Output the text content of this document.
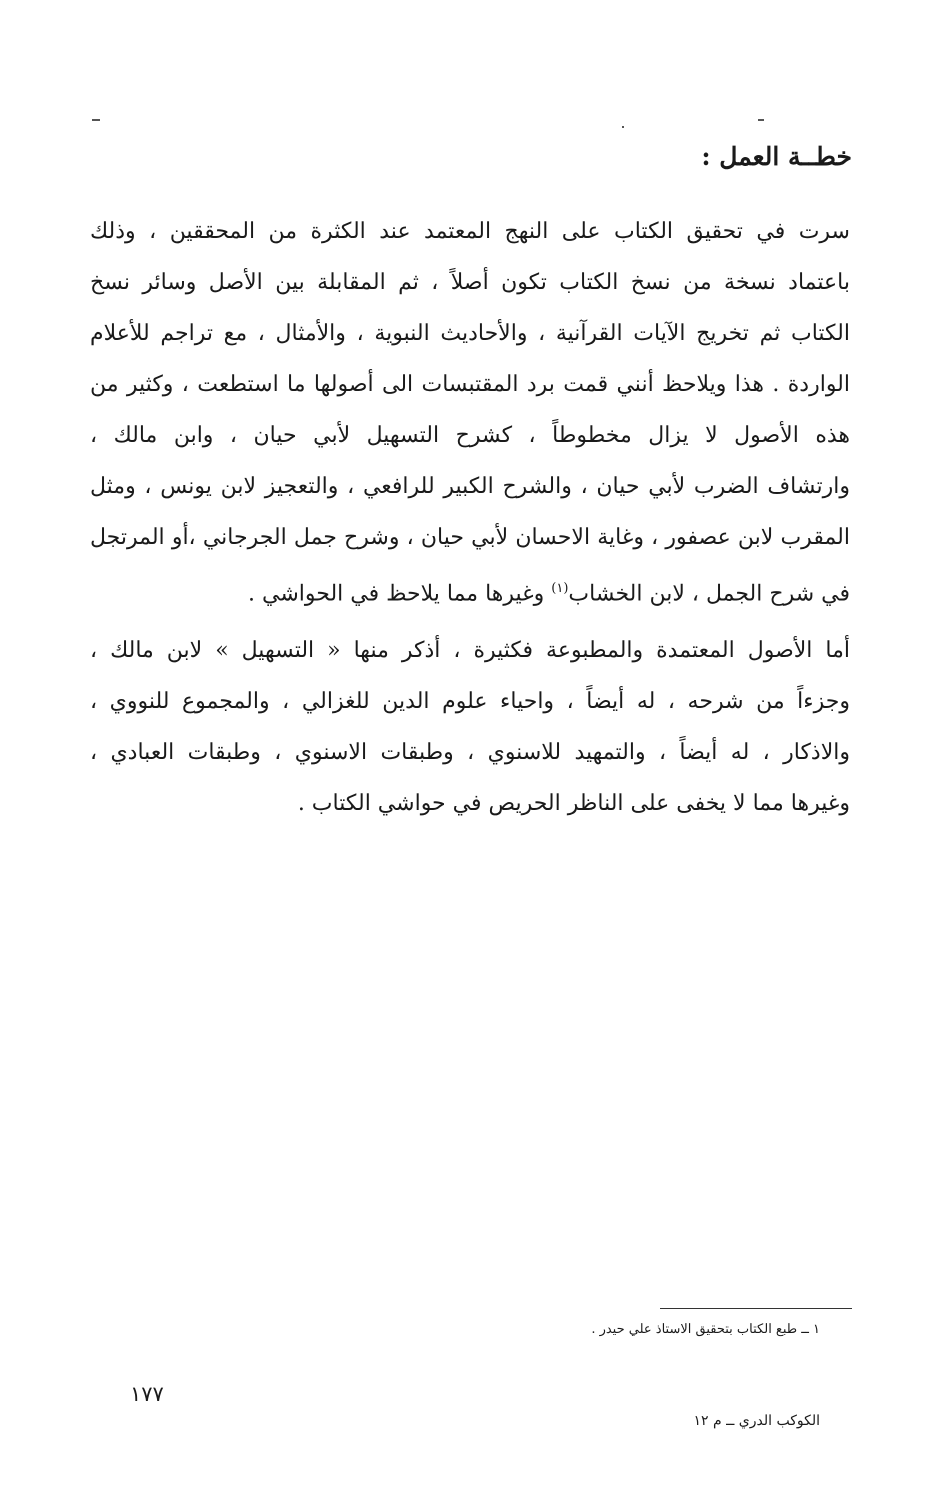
خطــة العمل :
سرت في تحقيق الكتاب على النهج المعتمد عند الكثرة من المحققين ، وذلك
باعتماد نسخة من نسخ الكتاب تكون أصلاً ، ثم المقابلة بين الأصل وسائر نسخ
الكتاب ثم تخريج الآيات القرآنية ، والأحاديث النبوية ، والأمثال ، مع تراجم للأعلام
الواردة . هذا ويلاحظ أنني قمت برد المقتبسات الى أصولها ما استطعت ، وكثير من
هذه الأصول لا يزال مخطوطاً ، كشرح التسهيل لأبي حيان ، وابن مالك ،
وارتشاف الضرب لأبي حيان ، والشرح الكبير للرافعي ، والتعجيز لابن يونس ، ومثل
المقرب لابن عصفور ، وغاية الاحسان لأبي حيان ، وشرح جمل الجرجاني ،أو المرتجل
في شرح الجمل ، لابن الخشاب$^{(١)}$ وغيرها مما يلاحظ في الحواشي .
أما الأصول المعتمدة والمطبوعة فكثيرة ، أذكر منها « التسهيل » لابن مالك ،
وجزءاً من شرحه ، له أيضاً ، واحياء علوم الدين للغزالي ، والمجموع للنووي ،
والاذكار ، له أيضاً ، والتمهيد للاسنوي ، وطبقات الاسنوي ، وطبقات العبادي ،
وغيرها مما لا يخفى على الناظر الحريص في حواشي الكتاب .
١ ــ طبع الكتاب بتحقيق الاستاذ علي حيدر .
١٧٧
الكوكب الدري ــ م ١٢
